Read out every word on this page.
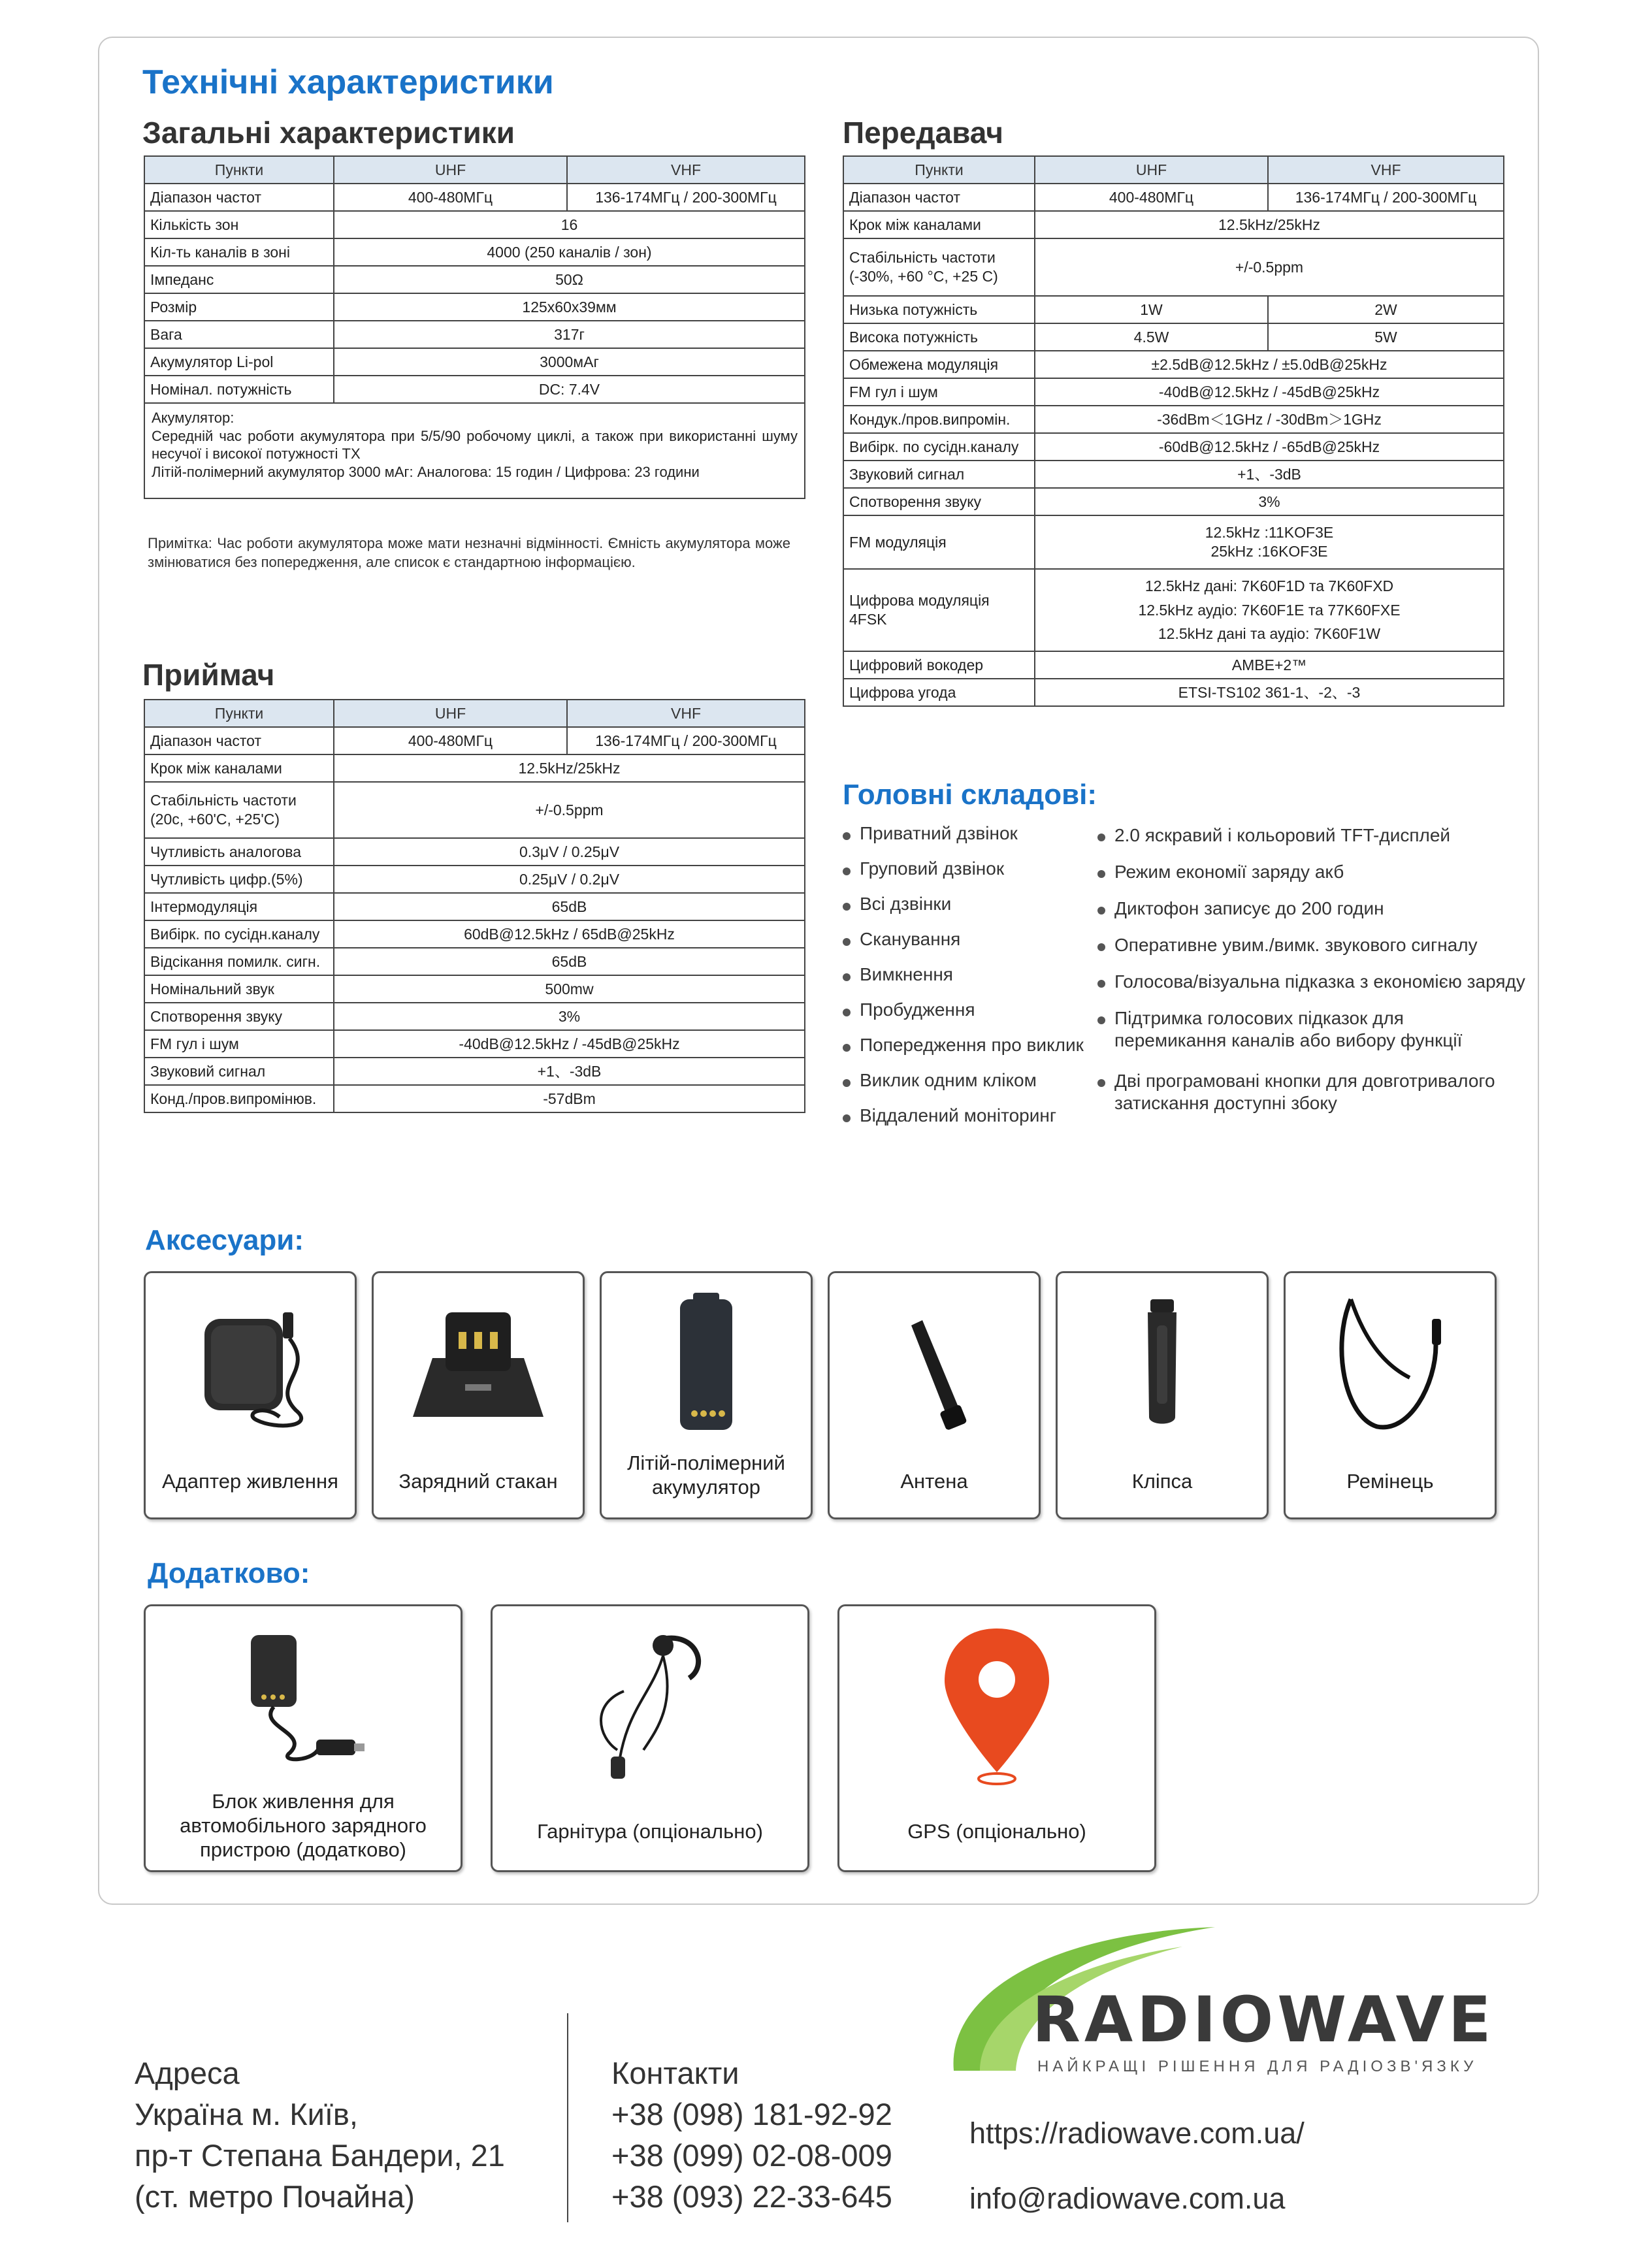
Технічні характеристики
Загальні характеристики
Пункти	UHF	VHF
Діапазон частот	400-480МГц	136-174МГц / 200-300МГц
Кількість зон	16	
Кіл-ть каналів в зоні	4000 (250 каналів / зон)	
Імпеданс	50Ω	
Розмір	125х60х39мм	
Вага	317г	
Акумулятор Li-pol	3000мАг	
Номінал. потужність	DC: 7.4V	

Акумулятор:
Середній час роботи акумулятора при 5/5/90 робочому циклі, а також при використанні шуму несучої і високої потужності ТХ
Літій-полімерний акумулятор 3000 мАг: Аналогова: 15 годин / Цифрова: 23 години		

Примітка: Час роботи акумулятора може мати незначні відмінності. Ємність акумулятора може змінюватися без попередження, але список є стандартною інформацією.

Приймач
Пункти	UHF	VHF
Діапазон частот	400-480МГц	136-174МГц / 200-300МГц
Крок між каналами	12.5kHz/25kHz	
Стабільність частоти (20c, +60'C, +25'C)	+/-0.5ppm	
Чутливість аналогова	0.3μV / 0.25μV	
Чутливість цифр.(5%)	0.25μV / 0.2μV	
Інтермодуляція	65dB	
Вибірк. по сусідн.каналу	60dB@12.5kHz / 65dB@25kHz	
Відсікання помилк. сигн.	65dB	
Номінальний звук	500mw	
Спотворення звуку	3%	
FM гул і шум	-40dB@12.5kHz / -45dB@25kHz	
Звуковий сигнал	+1、-3dB	
Конд./пров.випромінюв.	-57dBm	
Передавач
Пункти	UHF	VHF
Діапазон частот	400-480МГц	136-174МГц / 200-300МГц
Крок між каналами	12.5kHz/25kHz	
Стабільність частоти (-30%, +60 °C, +25 C)	+/-0.5ppm	
Низька потужність	1W	2W
Висока потужність	4.5W	5W
Обмежена модуляція	±2.5dB@12.5kHz / ±5.0dB@25kHz	
FM гул і шум	-40dB@12.5kHz / -45dB@25kHz	
Кондук./пров.випромін.	-36dBm＜1GHz / -30dBm＞1GHz	
Вибірк. по сусідн.каналу	-60dB@12.5kHz / -65dB@25kHz	
Звуковий сигнал	+1、-3dB	
Спотворення звуку	3%	
FM модуляція	12.5kHz :11KOF3E
25kHz :16KOF3E	

Цифрова модуляція 4FSK	12.5kHz дані: 7K60F1D та 7K60FXD
12.5kHz аудіо: 7K60F1E та 77K60FXE
12.5kHz дані та аудіо: 7K60F1W	

Цифровий вокодер	AMBE+2™	
Цифрова угода	ETSI-TS102 361-1、-2、-3	
Головні складові:
Приватний дзвінок
Груповий дзвінок
Всі дзвінки
Сканування
Вимкнення
Пробудження
Попередження про виклик
Виклик одним кліком
Віддалений моніторинг
2.0 яскравий і кольоровий TFT-дисплей
Режим економії заряду акб
Диктофон записує до 200 годин
Оперативне увим./вимк. звукового сигналу
Голосова/візуальна підказка з економією заряду
Підтримка голосових підказок для перемикання каналів або вибору функції
Дві програмовані кнопки для довготривалого затискання доступні збоку
Аксесуари:
Адаптер живлення	Зарядний стакан
Літій-полімерний акумулятор	Антена	Кліпса	Ремінець
Додатково:
Блок живлення для автомобільного зарядного пристрою (додатково)
Гарнітура (опціонально)	GPS (опціонально)
Адреса
Україна м. Київ,
пр-т Степана Бандери, 21
(ст. метро Почайна)
Контакти
+38 (098) 181-92-92
+38 (099) 02-08-009
+38 (093) 22-33-645
RADIOWAVE
НАЙКРАЩІ РІШЕННЯ ДЛЯ РАДІОЗВ'ЯЗКУ
https://radiowave.com.ua/
info@radiowave.com.ua
